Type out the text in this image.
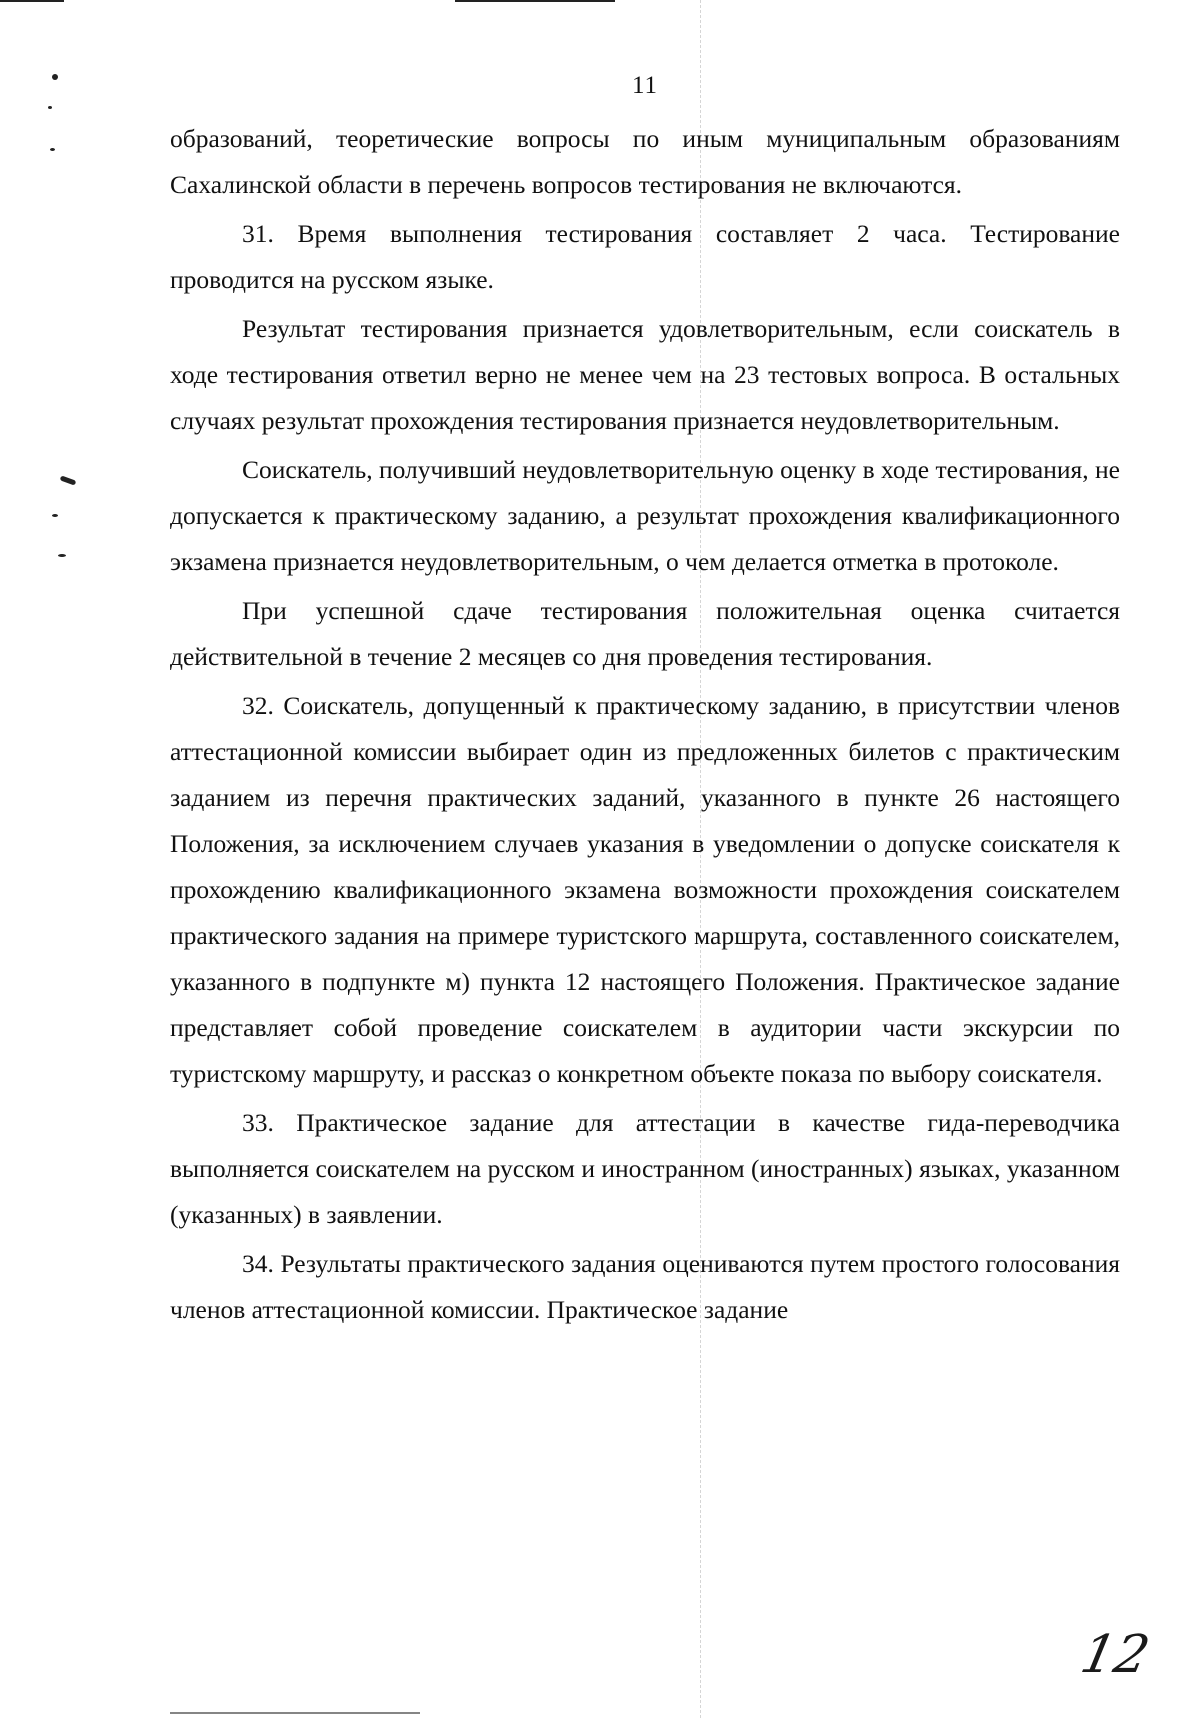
11

образований, теоретические вопросы по иным муниципальным образованиям Сахалинской области в перечень вопросов тестирования не включаются.

31. Время выполнения тестирования составляет 2 часа. Тестирование проводится на русском языке.

Результат тестирования признается удовлетворительным, если соискатель в ходе тестирования ответил верно не менее чем на 23 тестовых вопроса. В остальных случаях результат прохождения тестирования признается неудовлетворительным.

Соискатель, получивший неудовлетворительную оценку в ходе тестирования, не допускается к практическому заданию, а результат прохождения квалификационного экзамена признается неудовлетворительным, о чем делается отметка в протоколе.

При успешной сдаче тестирования положительная оценка считается действительной в течение 2 месяцев со дня проведения тестирования.

32. Соискатель, допущенный к практическому заданию, в присутствии членов аттестационной комиссии выбирает один из предложенных билетов с практическим заданием из перечня практических заданий, указанного в пункте 26 настоящего Положения, за исключением случаев указания в уведомлении о допуске соискателя к прохождению квалификационного экзамена возможности прохождения соискателем практического задания на примере туристского маршрута, составленного соискателем, указанного в подпункте м) пункта 12 настоящего Положения. Практическое задание представляет собой проведение соискателем в аудитории части экскурсии по туристскому маршруту, и рассказ о конкретном объекте показа по выбору соискателя.

33. Практическое задание для аттестации в качестве гида-переводчика выполняется соискателем на русском и иностранном (иностранных) языках, указанном (указанных) в заявлении.

34. Результаты практического задания оцениваются путем простого голосования членов аттестационной комиссии. Практическое задание

12
